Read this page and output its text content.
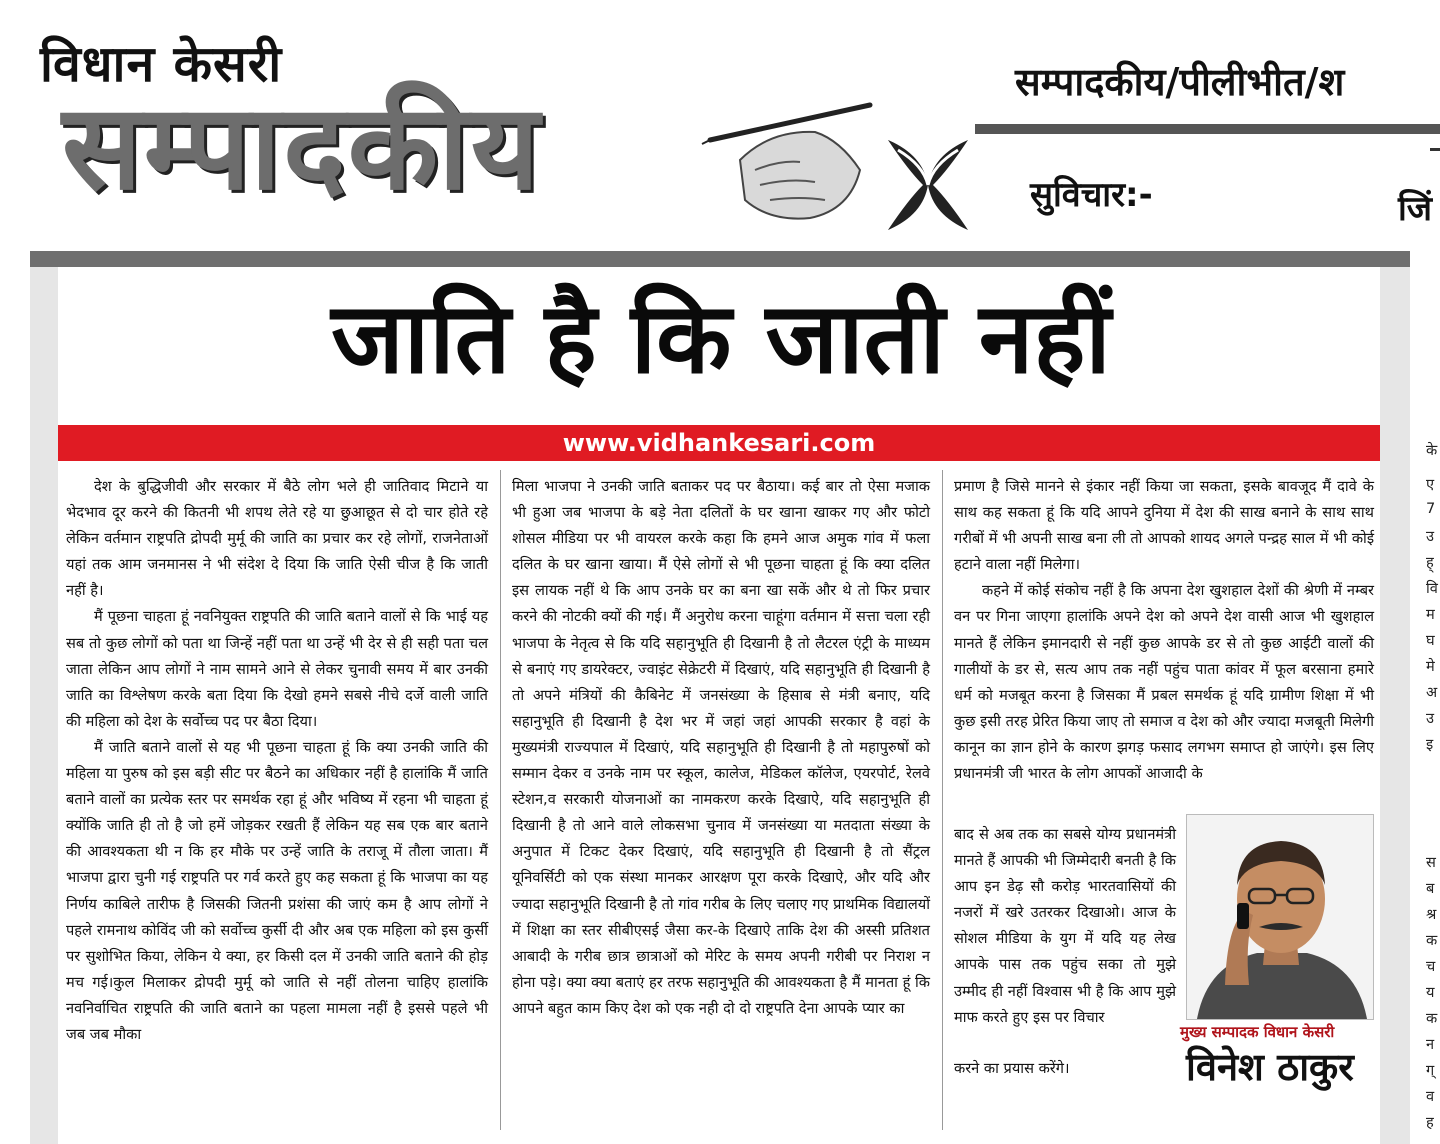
विधान केसरी
सम्पादकीय	सम्पादकीय/पीलीभीत/श
सुविचार:-	जिं
जाति है कि जाती नहीं
www.vidhankesari.com

देश के बुद्धिजीवी और सरकार में बैठे लोग भले ही जातिवाद मिटाने या भेदभाव दूर करने की कितनी भी शपथ लेते रहे या छुआछूत से दो चार होते रहे लेकिन वर्तमान राष्ट्रपति द्रोपदी मुर्मू की जाति का प्रचार कर रहे लोगों, राजनेताओं यहां तक आम जनमानस ने भी संदेश दे दिया कि जाति ऐसी चीज है कि जाती नहीं है।

मैं पूछना चाहता हूं नवनियुक्त राष्ट्रपति की जाति बताने वालों से कि भाई यह सब तो कुछ लोगों को पता था जिन्हें नहीं पता था उन्हें भी देर से ही सही पता चल जाता लेकिन आप लोगों ने नाम सामने आने से लेकर चुनावी समय में बार उनकी जाति का विश्लेषण करके बता दिया कि देखो हमने सबसे नीचे दर्जे वाली जाति की महिला को देश के सर्वोच्च पद पर बैठा दिया।

मैं जाति बताने वालों से यह भी पूछना चाहता हूं कि क्या उनकी जाति की महिला या पुरुष को इस बड़ी सीट पर बैठने का अधिकार नहीं है हालांकि मैं जाति बताने वालों का प्रत्येक स्तर पर समर्थक रहा हूं और भविष्य में रहना भी चाहता हूं क्योंकि जाति ही तो है जो हमें जोड़कर रखती हैं लेकिन यह सब एक बार बताने की आवश्यकता थी न कि हर मौके पर उन्हें जाति के तराजू में तौला जाता। मैं भाजपा द्वारा चुनी गई राष्ट्रपति पर गर्व करते हुए कह सकता हूं कि भाजपा का यह निर्णय काबिले तारीफ है जिसकी जितनी प्रशंसा की जाएं कम है आप लोगों ने पहले रामनाथ कोविंद जी को सर्वोच्च कुर्सी दी और अब एक महिला को इस कुर्सी पर सुशोभित किया, लेकिन ये क्या, हर किसी दल में उनकी जाति बताने की होड़ मच गई।कुल मिलाकर द्रोपदी मुर्मू को जाति से नहीं तोलना चाहिए हालांकि नवनिर्वाचित राष्ट्रपति की जाति बताने का पहला मामला नहीं है इससे पहले भी जब जब मौका

मिला भाजपा ने उनकी जाति बताकर पद पर बैठाया। कई बार तो ऐसा मजाक भी हुआ जब भाजपा के बड़े नेता दलितों के घर खाना खाकर गए और फोटो शोसल मीडिया पर भी वायरल करके कहा कि हमने आज अमुक गांव में फला दलित के घर खाना खाया। मैं ऐसे लोगों से भी पूछना चाहता हूं कि क्या दलित इस लायक नहीं थे कि आप उनके घर का बना खा सकें और थे तो फिर प्रचार करने की नोटकी क्यों की गई। मैं अनुरोध करना चाहूंगा वर्तमान में सत्ता चला रही भाजपा के नेतृत्व से कि यदि सहानुभूति ही दिखानी है तो लैटरल एंट्री के माध्यम से बनाएं गए डायरेक्टर, ज्वाइंट सेक्रेटरी में दिखाएं, यदि सहानुभूति ही दिखानी है तो अपने मंत्रियों की कैबिनेट में जनसंख्या के हिसाब से मंत्री बनाए, यदि सहानुभूति ही दिखानी है देश भर में जहां जहां आपकी सरकार है वहां के मुख्यमंत्री राज्यपाल में दिखाएं, यदि सहानुभूति ही दिखानी है तो महापुरुषों को सम्मान देकर व उनके नाम पर स्कूल, कालेज, मेडिकल कॉलेज, एयरपोर्ट, रेलवे स्टेशन,व सरकारी योजनाओं का नामकरण करके दिखाऐ, यदि सहानुभूति ही दिखानी है तो आने वाले लोकसभा चुनाव में जनसंख्या या मतदाता संख्या के अनुपात में टिकट देकर दिखाएं, यदि सहानुभूति ही दिखानी है तो सैंट्रल यूनिवर्सिटी को एक संस्था मानकर आरक्षण पूरा करके दिखाऐ, और यदि और ज्यादा सहानुभूति दिखानी है तो गांव गरीब के लिए चलाए गए प्राथमिक विद्यालयों में शिक्षा का स्तर सीबीएसई जैसा कर-के दिखाऐ ताकि देश की अस्सी प्रतिशत आबादी के गरीब छात्र छात्राओं को मेरिट के समय अपनी गरीबी पर निराश न होना पड़े। क्या क्या बताएं हर तरफ सहानुभूति की आवश्यकता है मैं मानता हूं कि आपने बहुत काम किए देश को एक नही दो दो राष्ट्रपति देना आपके प्यार का

प्रमाण है जिसे मानने से इंकार नहीं किया जा सकता, इसके बावजूद मैं दावे के साथ कह सकता हूं कि यदि आपने दुनिया में देश की साख बनाने के साथ साथ गरीबों में भी अपनी साख बना ली तो आपको शायद अगले पन्द्रह साल में भी कोई हटाने वाला नहीं मिलेगा।

कहने में कोई संकोच नहीं है कि अपना देश खुशहाल देशों की श्रेणी में नम्बर वन पर गिना जाएगा हालांकि अपने देश को अपने देश वासी आज भी खुशहाल मानते हैं लेकिन इमानदारी से नहीं कुछ आपके डर से तो कुछ आईटी वालों की गालीयों के डर से, सत्य आप तक नहीं पहुंच पाता कांवर में फूल बरसाना हमारे धर्म को मजबूत करना है जिसका मैं प्रबल समर्थक हूं यदि ग्रामीण शिक्षा में भी कुछ इसी तरह प्रेरित किया जाए तो समाज व देश को और ज्यादा मजबूती मिलेगी कानून का ज्ञान होने के कारण झगड़ फसाद लगभग समाप्त हो जाएंगे। इस लिए प्रधानमंत्री जी भारत के लोग आपकों आजादी के

बाद से अब तक का सबसे योग्य प्रधानमंत्री मानते हैं आपकी भी जिम्मेदारी बनती है कि आप इन डेढ़ सौ करोड़ भारतवासियों की नजरों में खरे उतरकर दिखाओ। आज के सोशल मीडिया के युग में यदि यह लेख आपके पास तक पहुंच सका तो मुझे उम्मीद ही नहीं विश्वास भी है कि आप मुझे माफ करते हुए इस पर विचार

करने का प्रयास करेंगे।

मुख्य सम्पादक विधान केसरी
विनेश ठाकुर
के
ए
7
उ
ह्
वि
म
घ
मे
अ
उ
इ
स
ब
श्र
क
च
य
क
न
ग्
व
ह
